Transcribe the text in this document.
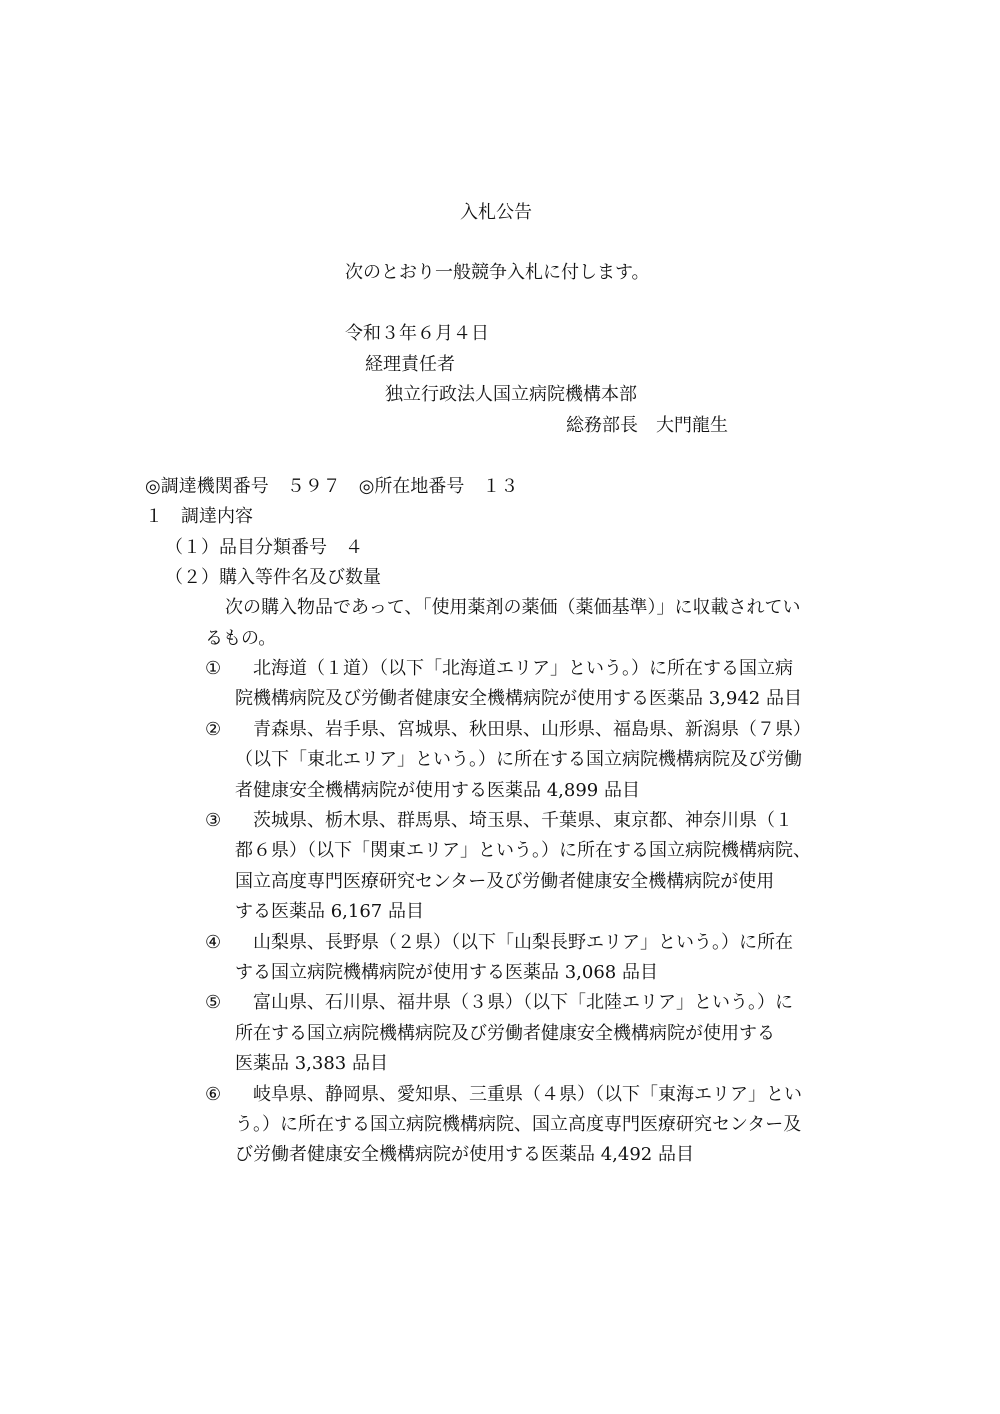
入札公告
次のとおり一般競争入札に付します。
令和３年６月４日
経理責任者
独立行政法人国立病院機構本部
総務部長　大門龍生
◎調達機関番号　５９７　◎所在地番号　１３
１　調達内容
（１）品目分類番号　４
（２）購入等件名及び数量
次の購入物品であって、「使用薬剤の薬価（薬価基準）」に収載されてい
るもの。
① 　北海道（１道）（以下「北海道エリア」という。）に所在する国立病
院機構病院及び労働者健康安全機構病院が使用する医薬品 3,942 品目
② 　青森県、岩手県、宮城県、秋田県、山形県、福島県、新潟県（７県）
（以下「東北エリア」という。）に所在する国立病院機構病院及び労働
者健康安全機構病院が使用する医薬品 4,899 品目
③ 　茨城県、栃木県、群馬県、埼玉県、千葉県、東京都、神奈川県（１
都６県）（以下「関東エリア」という。）に所在する国立病院機構病院、
国立高度専門医療研究センター及び労働者健康安全機構病院が使用
する医薬品 6,167 品目
④ 　山梨県、長野県（２県）（以下「山梨長野エリア」という。）に所在
する国立病院機構病院が使用する医薬品 3,068 品目
⑤ 　富山県、石川県、福井県（３県）（以下「北陸エリア」という。）に
所在する国立病院機構病院及び労働者健康安全機構病院が使用する
医薬品 3,383 品目
⑥ 　岐阜県、静岡県、愛知県、三重県（４県）（以下「東海エリア」とい
う。）に所在する国立病院機構病院、国立高度専門医療研究センター及
び労働者健康安全機構病院が使用する医薬品 4,492 品目
